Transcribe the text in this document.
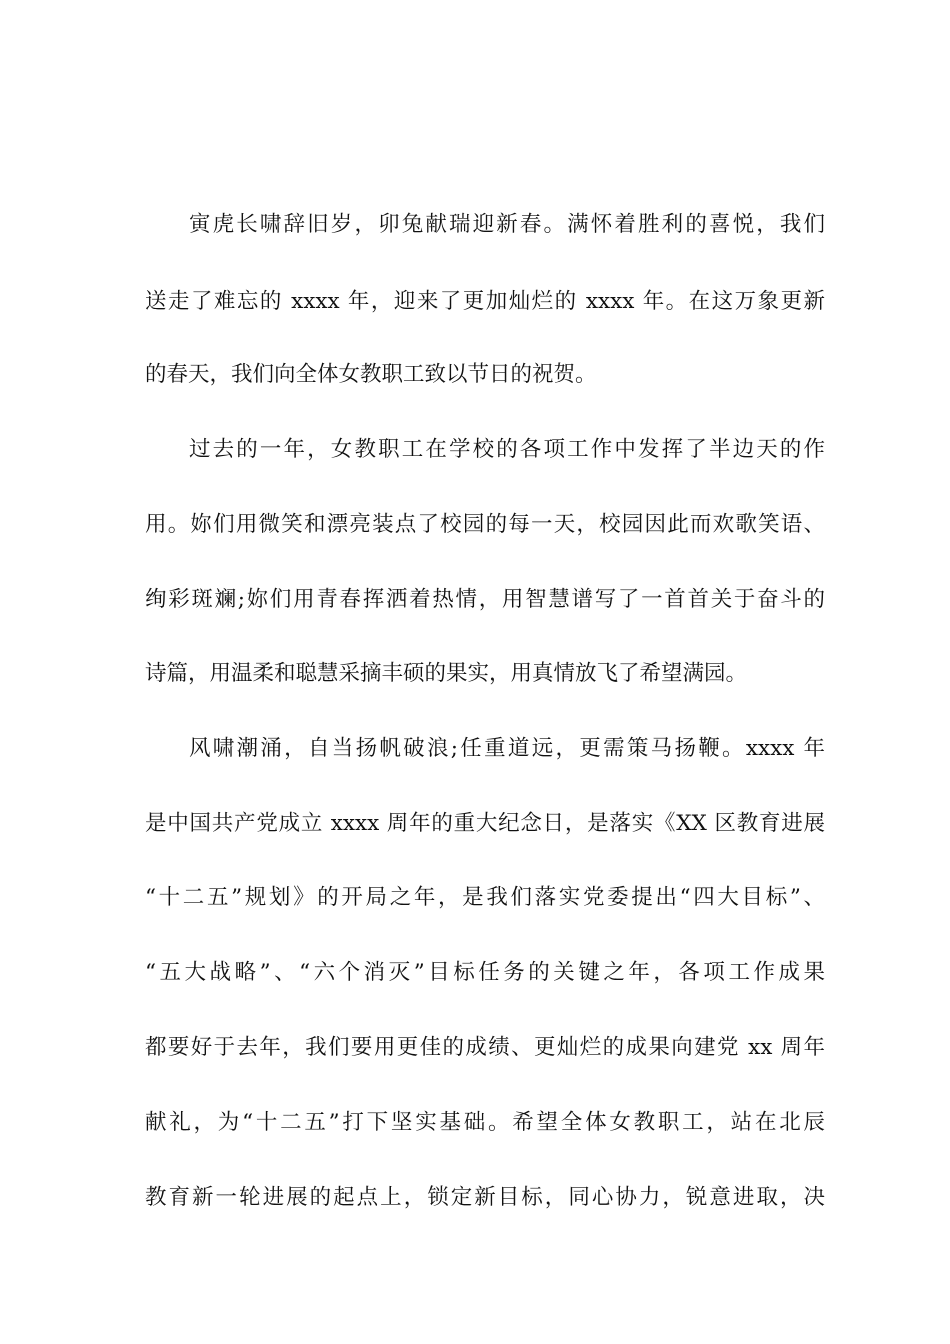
寅虎长啸辞旧岁，卯兔献瑞迎新春。满怀着胜利的喜悦，我们
送走了难忘的 xxxx 年，迎来了更加灿烂的 xxxx 年。在这万象更新
的春天，我们向全体女教职工致以节日的祝贺。
过去的一年，女教职工在学校的各项工作中发挥了半边天的作
用。妳们用微笑和漂亮装点了校园的每一天，校园因此而欢歌笑语、
绚彩斑斓;妳们用青春挥洒着热情，用智慧谱写了一首首关于奋斗的
诗篇，用温柔和聪慧采摘丰硕的果实，用真情放飞了希望满园。
风啸潮涌，自当扬帆破浪;任重道远，更需策马扬鞭。xxxx 年
是中国共产党成立 xxxx 周年的重大纪念日，是落实《XX 区教育进展
“十二五”规划》的开局之年，是我们落实党委提出“四大目标”、
“五大战略”、“六个消灭”目标任务的关键之年，各项工作成果
都要好于去年，我们要用更佳的成绩、更灿烂的成果向建党 xx 周年
献礼，为“十二五”打下坚实基础。希望全体女教职工，站在北辰
教育新一轮进展的起点上，锁定新目标，同心协力，锐意进取，决
